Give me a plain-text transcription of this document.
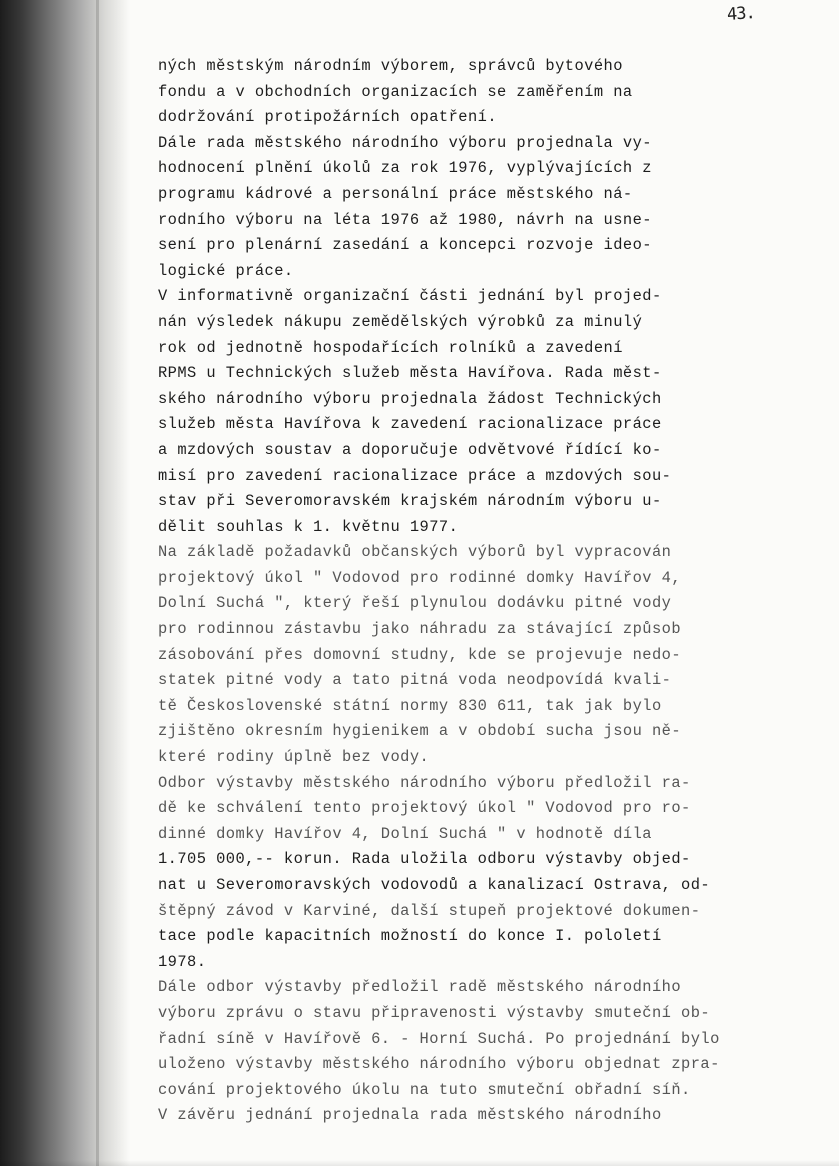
43.
ných městským národním výborem, správců bytového
fondu a v obchodních organizacích se zaměřením na
dodržování protipožárních opatření.
Dále rada městského národního výboru projednala vy-
hodnocení plnění úkolů za rok 1976, vyplývajících z
programu kádrové a personální práce městského ná-
rodního výboru na léta 1976 až 1980, návrh na usne-
sení pro plenární zasedání a koncepci rozvoje ideo-
logické práce.
V informativně organizační části jednání byl projed-
nán výsledek nákupu zemědělských výrobků za minulý
rok od jednotně hospodařících rolníků a zavedení
RPMS u Technických služeb města Havířova. Rada měst-
ského národního výboru projednala žádost Technických
služeb města Havířova k zavedení racionalizace práce
a mzdových soustav a doporučuje odvětvové řídící ko-
misí pro zavedení racionalizace práce a mzdových sou-
stav při Severomoravském krajském národním výboru u-
dělit souhlas k 1. květnu 1977.
Na základě požadavků občanských výborů byl vypracován
projektový úkol " Vodovod pro rodinné domky Havířov 4,
Dolní Suchá ", který řeší plynulou dodávku pitné vody
pro rodinnou zástavbu jako náhradu za stávající způsob
zásobování přes domovní studny, kde se projevuje nedo-
statek pitné vody a tato pitná voda neodpovídá kvali-
tě Československé státní normy 830 611, tak jak bylo
zjištěno okresním hygienikem a v období sucha jsou ně-
které rodiny úplně bez vody.
Odbor výstavby městského národního výboru předložil ra-
dě ke schválení tento projektový úkol " Vodovod pro ro-
dinné domky Havířov 4, Dolní Suchá " v hodnotě díla
1.705 000,-- korun. Rada uložila odboru výstavby objed-
nat u Severomoravských vodovodů a kanalizací Ostrava, od-
štěpný závod v Karviné, další stupeň projektové dokumen-
tace podle kapacitních možností do konce I. pololetí
1978.
Dále odbor výstavby předložil radě městského národního
výboru zprávu o stavu připravenosti výstavby smuteční ob-
řadní síně v Havířově 6. - Horní Suchá. Po projednání bylo
uloženo výstavby městského národního výboru objednat zpra-
cování projektového úkolu na tuto smuteční obřadní síň.
V závěru jednání projednala rada městského národního
